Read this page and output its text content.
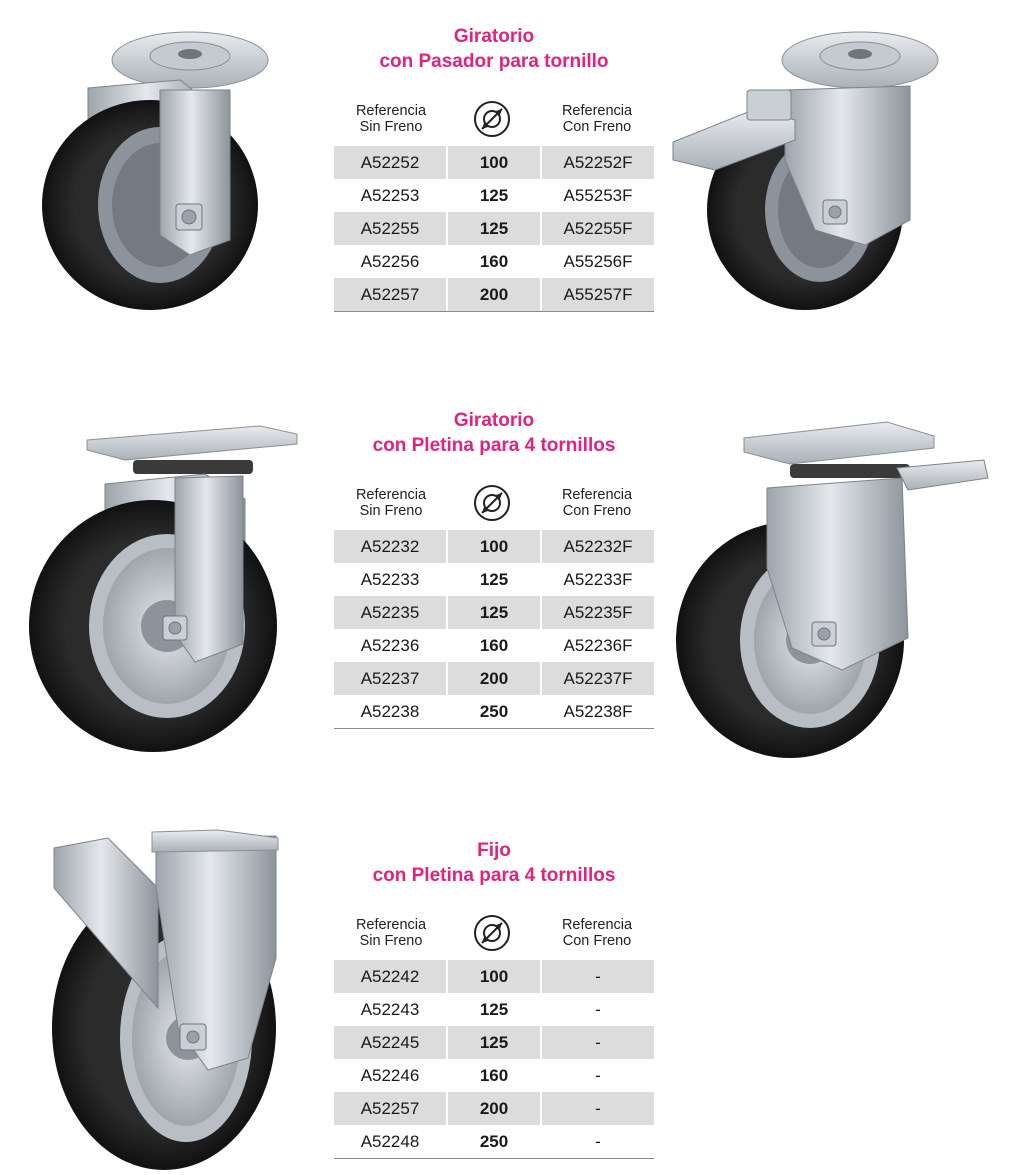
Giratorio
con Pasador para tornillo
Referencia
Sin Freno
Referencia
Con Freno
A52252	100	A52252F
A52253	125	A55253F
A52255	125	A52255F
A52256	160	A55256F
A52257	200	A55257F
Giratorio
con Pletina para 4 tornillos
Referencia
Sin Freno
Referencia
Con Freno
A52232	100	A52232F
A52233	125	A52233F
A52235	125	A52235F
A52236	160	A52236F
A52237	200	A52237F
A52238	250	A52238F
Fijo
con Pletina para 4 tornillos
Referencia
Sin Freno
Referencia
Con Freno
A52242	100	-
A52243	125	-
A52245	125	-
A52246	160	-
A52257	200	-
A52248	250	-
